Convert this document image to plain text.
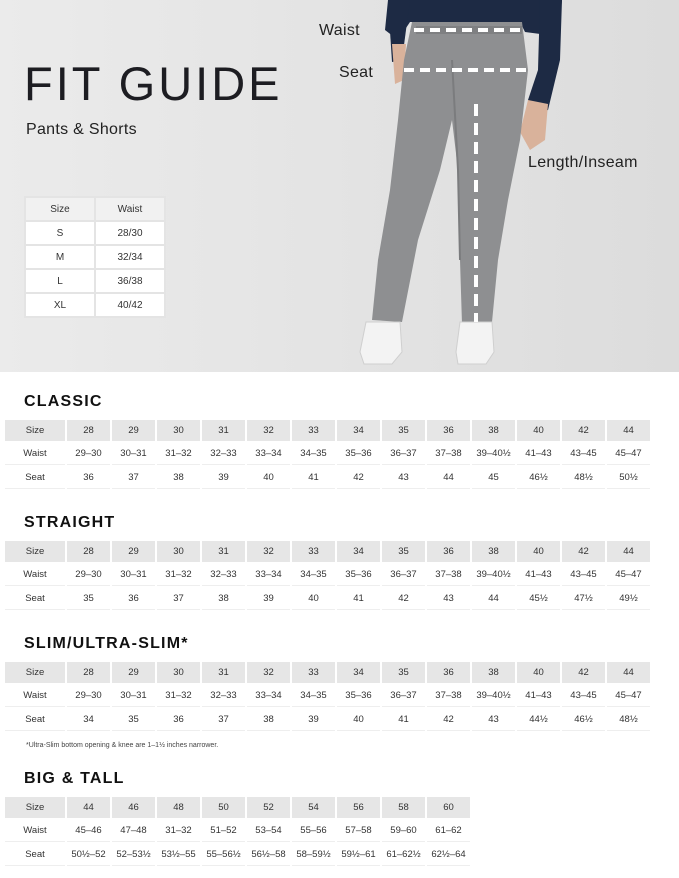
FIT GUIDE
Pants & Shorts
Size	Waist
S	28/30
M	32/34
L	36/38
XL	40/42
Waist
Seat
Length/Inseam
CLASSIC
Size	28	29	30	31	32	33	34	35	36	38	40	42	44
Waist	29–30	30–31	31–32	32–33	33–34	34–35	35–36	36–37	37–38	39–40½	41–43	43–45	45–47
Seat	36	37	38	39	40	41	42	43	44	45	46½	48½	50½
STRAIGHT
Size	28	29	30	31	32	33	34	35	36	38	40	42	44
Waist	29–30	30–31	31–32	32–33	33–34	34–35	35–36	36–37	37–38	39–40½	41–43	43–45	45–47
Seat	35	36	37	38	39	40	41	42	43	44	45½	47½	49½
SLIM/ULTRA-SLIM*
Size	28	29	30	31	32	33	34	35	36	38	40	42	44
Waist	29–30	30–31	31–32	32–33	33–34	34–35	35–36	36–37	37–38	39–40½	41–43	43–45	45–47
Seat	34	35	36	37	38	39	40	41	42	43	44½	46½	48½
*Ultra-Slim bottom opening & knee are 1–1½ inches narrower.
BIG & TALL
Size	44	46	48	50	52	54	56	58	60
Waist	45–46	47–48	31–32	51–52	53–54	55–56	57–58	59–60	61–62
Seat	50½–52	52–53½	53½–55	55–56½	56½–58	58–59½	59½–61	61–62½	62½–64
